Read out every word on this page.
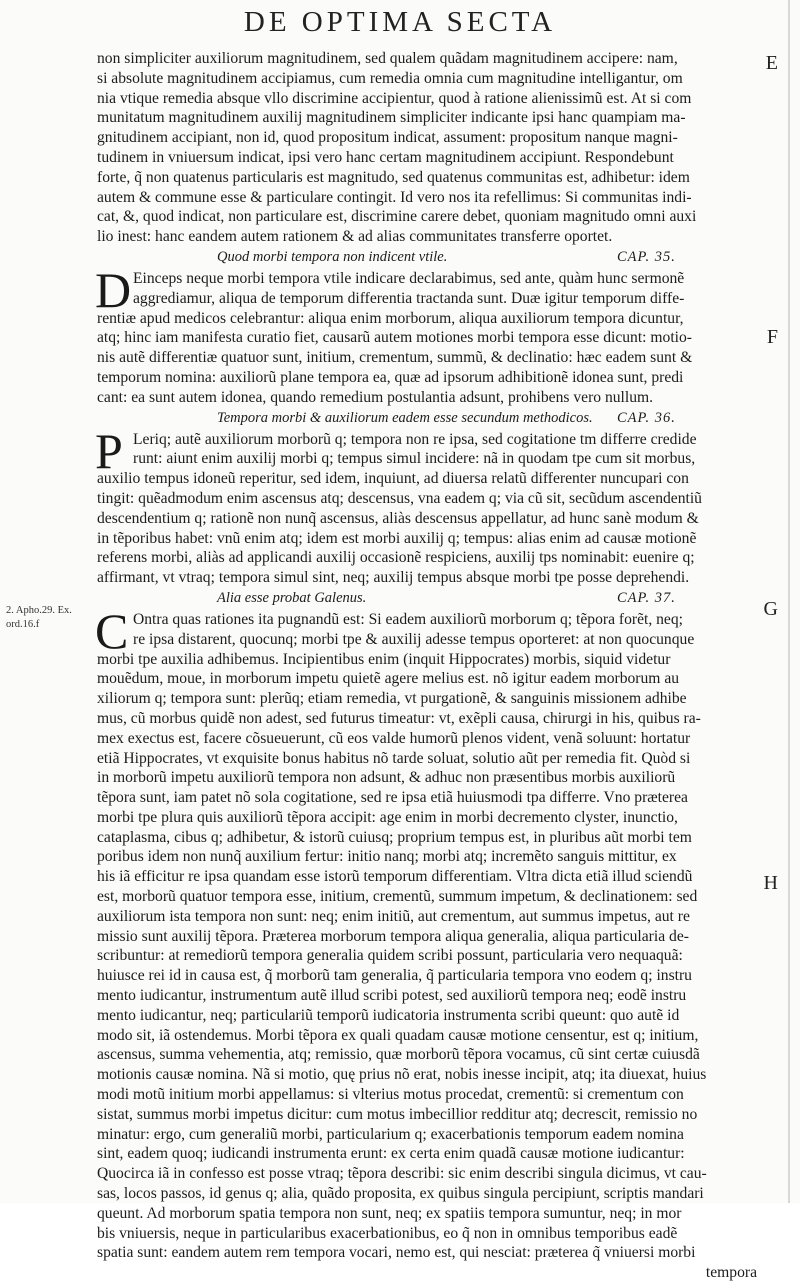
DE OPTIMA SECTA
non simpliciter auxiliorum magnitudinem, sed qualem quãdam magnitudinem accipere: nam,
si absolute magnitudinem accipiamus, cum remedia omnia cum magnitudine intelligantur, om
nia vtique remedia absque vllo discrimine accipientur, quod à ratione alienissimũ est. At si com
munitatum magnitudinem auxilij magnitudinem simpliciter indicante ipsi hanc quampiam ma-
gnitudinem accipiant, non id, quod propositum indicat, assument: propositum nanque magni-
tudinem in vniuersum indicat, ipsi vero hanc certam magnitudinem accipiunt. Respondebunt
forte, q̃ non quatenus particularis est magnitudo, sed quatenus communitas est, adhibetur: idem
autem & commune esse & particulare contingit. Id vero nos ita refellimus: Si communitas indi-
cat, &, quod indicat, non particulare est, discrimine carere debet, quoniam magnitudo omni auxi
lio inest: hanc eandem autem rationem & ad alias communitates transferre oportet.
Quod morbi tempora non indicent vtile.	CAP. 35.
D Einceps neque morbi tempora vtile indicare declarabimus, sed ante, quàm hunc sermonẽ
aggrediamur, aliqua de temporum differentia tractanda sunt. Duæ igitur temporum diffe-
rentiæ apud medicos celebrantur: aliqua enim morborum, aliqua auxiliorum tempora dicuntur,
atq; hinc iam manifesta curatio fiet, causarũ autem motiones morbi tempora esse dicunt: motio-
nis autẽ differentiæ quatuor sunt, initium, crementum, summũ, & declinatio: hæc eadem sunt &
temporum nomina: auxiliorũ plane tempora ea, quæ ad ipsorum adhibitionẽ idonea sunt, predi
cant: ea sunt autem idonea, quando remedium postulantia adsunt, prohibens vero nullum.
Tempora morbi & auxiliorum eadem esse secundum methodicos. CAP. 36.
P Leriq; autẽ auxiliorum morborũ q; tempora non re ipsa, sed cogitatione tm differre credide
runt: aiunt enim auxilij morbi q; tempus simul incidere: nã in quodam tpe cum sit morbus,
auxilio tempus idoneũ reperitur, sed idem, inquiunt, ad diuersa relatũ differenter nuncupari con
tingit: quẽadmodum enim ascensus atq; descensus, vna eadem q; via cũ sit, secũdum ascendentiũ
descendentium q; rationẽ non nunq̃ ascensus, aliàs descensus appellatur, ad hunc sanè modum &
in tẽporibus habet: vnũ enim atq; idem est morbi auxilij q; tempus: alias enim ad causæ motionẽ
referens morbi, aliàs ad applicandi auxilij occasionẽ respiciens, auxilij tps nominabit: euenire q;
affirmant, vt vtraq; tempora simul sint, neq; auxilij tempus absque morbi tpe posse deprehendi.
Alia esse probat Galenus.	CAP. 37.
C Ontra quas rationes ita pugnandũ est: Si eadem auxiliorũ morborum q; tẽpora forẽt, neq;
re ipsa distarent, quocunq; morbi tpe & auxilij adesse tempus oporteret: at non quocunque
morbi tpe auxilia adhibemus. Incipientibus enim (inquit Hippocrates) morbis, siquid videtur
mouẽdum, moue, in morborum impetu quietẽ agere melius est. nõ igitur eadem morborum au
xiliorum q; tempora sunt: plerũq; etiam remedia, vt purgationẽ, & sanguinis missionem adhibe
mus, cũ morbus quidẽ non adest, sed futurus timeatur: vt, exẽpli causa, chirurgi in his, quibus ra-
mex exectus est, facere cõsueuerunt, cũ eos valde humorũ plenos vident, venã soluunt: hortatur
etiã Hippocrates, vt exquisite bonus habitus nõ tarde soluat, solutio aũt per remedia fit. Quòd si
in morborũ impetu auxiliorũ tempora non adsunt, & adhuc non præsentibus morbis auxiliorũ
tẽpora sunt, iam patet nõ sola cogitatione, sed re ipsa etiã huiusmodi tpa differre. Vno præterea
morbi tpe plura quis auxiliorũ tẽpora accipit: age enim in morbi decremento clyster, inunctio,
cataplasma, cibus q; adhibetur, & istorũ cuiusq; proprium tempus est, in pluribus aũt morbi tem
poribus idem non nunq̃ auxilium fertur: initio nanq; morbi atq; incremẽto sanguis mittitur, ex
his iã efficitur re ipsa quandam esse istorũ temporum differentiam. Vltra dicta etiã illud sciendũ
est, morborũ quatuor tempora esse, initium, crementũ, summum impetum, & declinationem: sed
auxiliorum ista tempora non sunt: neq; enim initiũ, aut crementum, aut summus impetus, aut re
missio sunt auxilij tẽpora. Præterea morborum tempora aliqua generalia, aliqua particularia de-
scribuntur: at remediorũ tempora generalia quidem scribi possunt, particularia vero nequaquã:
huiusce rei id in causa est, q̃ morborũ tam generalia, q̃ particularia tempora vno eodem q; instru
mento iudicantur, instrumentum autẽ illud scribi potest, sed auxiliorũ tempora neq; eodẽ instru
mento iudicantur, neq; particulariũ temporũ iudicatoria instrumenta scribi queunt: quo autẽ id
modo sit, iã ostendemus. Morbi tẽpora ex quali quadam causæ motione censentur, est q; initium,
ascensus, summa vehementia, atq; remissio, quæ morborũ tẽpora vocamus, cũ sint certæ cuiusdã
motionis causæ nomina. Nã si motio, quę prius nõ erat, nobis inesse incipit, atq; ita diuexat, huius
modi motũ initium morbi appellamus: si vlterius motus procedat, crementũ: si crementum con
sistat, summus morbi impetus dicitur: cum motus imbecillior redditur atq; decrescit, remissio no
minatur: ergo, cum generaliũ morbi, particularium q; exacerbationis temporum eadem nomina
sint, eadem quoq; iudicandi instrumenta erunt: ex certa enim quadã causæ motione iudicantur:
Quocirca iã in confesso est posse vtraq; tẽpora describi: sic enim describi singula dicimus, vt cau-
sas, locos passos, id genus q; alia, quãdo proposita, ex quibus singula percipiunt, scriptis mandari
queunt. Ad morborum spatia tempora non sunt, neq; ex spatiis tempora sumuntur, neq; in mor
bis vniuersis, neque in particularibus exacerbationibus, eo q̃ non in omnibus temporibus eadẽ
spatia sunt: eandem autem rem tempora vocari, nemo est, qui nesciat: præterea q̃ vniuersi morbi
tempora
E
F
G
H
2. Apho.29. Ex.
ord.16.f
